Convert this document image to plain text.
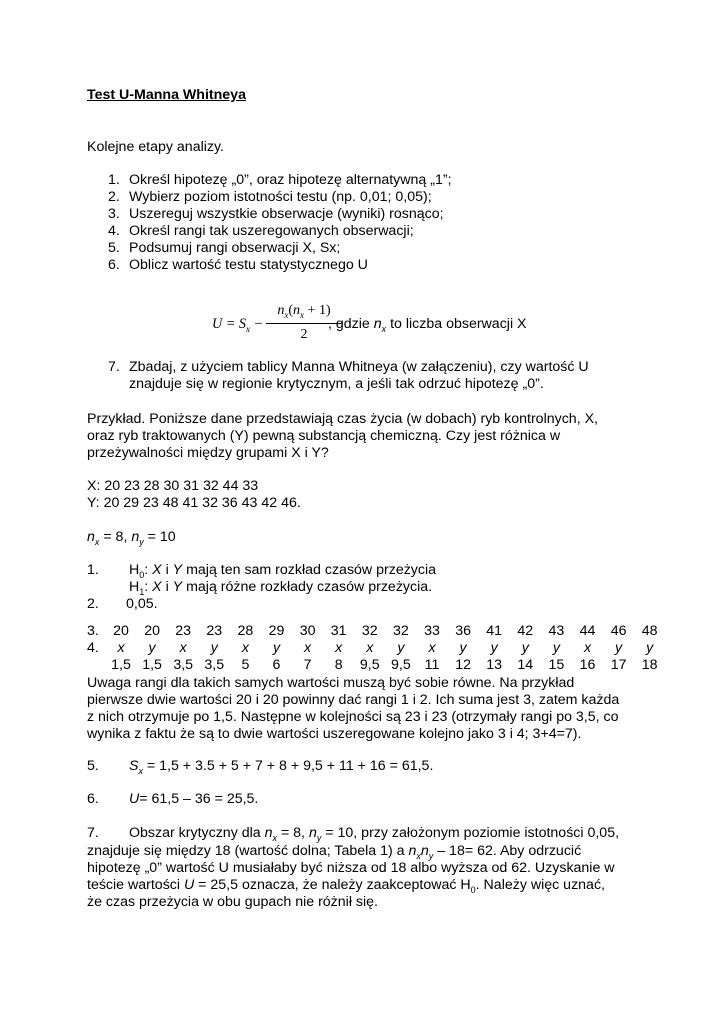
Test U-Manna Whitneya
Kolejne etapy analizy.
1. Określ hipotezę „0”, oraz hipotezę alternatywną „1”;
2. Wybierz poziom istotności testu (np. 0,01; 0,05);
3. Uszereguj wszystkie obserwacje (wyniki) rosnąco;
4. Określ rangi tak uszeregowanych obserwacji;
5. Podsumuj rangi obserwacji X, Sx;
6. Oblicz wartość testu statystycznego U
$U = S_x$ −
$n_x(n_x + 1)$
2
, gdzie $n_x$ to liczba obserwacji X
7. Zbadaj, z użyciem tablicy Manna Whitneya (w załączeniu), czy wartość U
znajduje się w regionie krytycznym, a jeśli tak odrzuć hipotezę „0”.
Przykład. Poniższe dane przedstawiają czas życia (w dobach) ryb kontrolnych, X,
oraz ryb traktowanych (Y) pewną substancją chemiczną. Czy jest różnica w
przeżywalności między grupami X i Y?
X: 20 23 28 30 31 32 44 33
Y: 20 29 23 48 41 32 36 43 42 46.
$n_x = 8$, $n_y = 10$
1. $H_0$: X i Y mają ten sam rozkład czasów przeżycia
$H_1$: X i Y mają różne rozkłady czasów przeżycia.
2. 0,05.
3.	20	20	23	23	28	29	30	31	32	32	33	36	41	42	43	44	46	48
4.	x	y	x	y	x	y	x	x	x	y	x	y	y	y	y	x	y	y
1,5 1,5 3,5 3,5	5	6	7	8	9,5 9,5 11	12	13	14	15	16	17	18
Uwaga rangi dla takich samych wartości muszą być sobie równe. Na przykład
pierwsze dwie wartości 20 i 20 powinny dać rangi 1 i 2. Ich suma jest 3, zatem każda
z nich otrzymuje po 1,5. Następne w kolejności są 23 i 23 (otrzymały rangi po 3,5, co
wynika z faktu że są to dwie wartości uszeregowane kolejno jako 3 i 4; 3+4=7).
5. $S_x = 1,5 + 3.5 + 5 + 7 + 8 + 9,5 + 11 + 16 = 61,5$.
6. U= 61,5 – 36 = 25,5.
7. Obszar krytyczny dla $n_x = 8$, $n_y = 10$, przy założonym poziomie istotności 0,05,
znajduje się między 18 (wartość dolna; Tabela 1) a $n_xn_y - 18= 62$. Aby odrzucić
hipotezę „0” wartość U musiałaby być niższa od 18 albo wyższa od 62. Uzyskanie w
teście wartości U = 25,5 oznacza, że należy zaakceptować $H_0$. Należy więc uznać,
że czas przeżycia w obu gupach nie różnił się.
